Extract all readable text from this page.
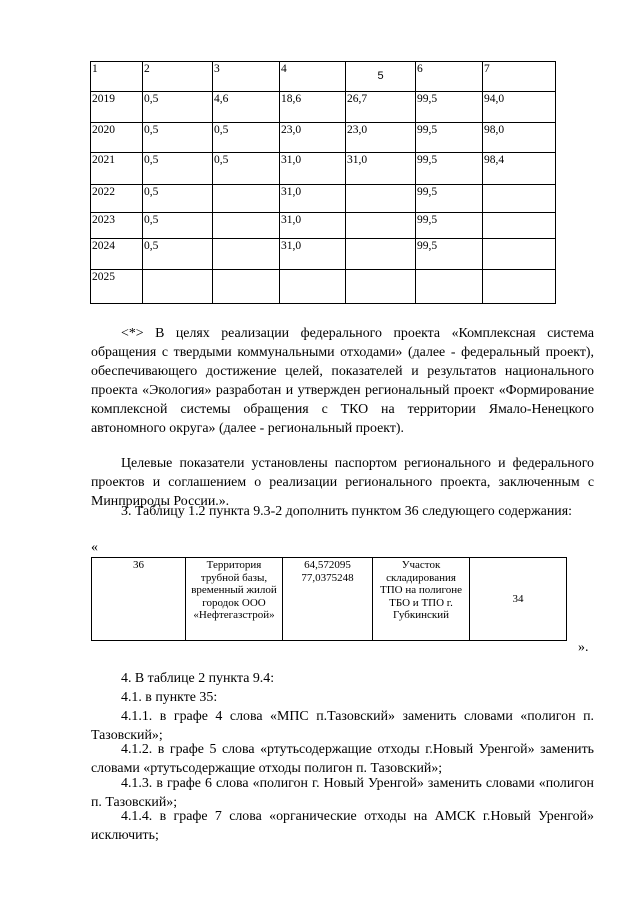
1	2	3	4	5	6	7
2019	0,5	4,6	18,6	26,7	99,5	94,0
2020	0,5	0,5	23,0	23,0	99,5	98,0
2021	0,5	0,5	31,0	31,0	99,5	98,4
2022	0,5		31,0		99,5	
2023	0,5		31,0		99,5	
2024	0,5		31,0		99,5	
2025						
<*> В целях реализации федерального проекта «Комплексная система обращения с твердыми коммунальными отходами» (далее - федеральный проект), обеспечивающего достижение целей, показателей и результатов национального проекта «Экология» разработан и утвержден региональный проект «Формирование комплексной системы обращения с ТКО на территории Ямало-Ненецкого автономного округа» (далее - региональный проект).
Целевые показатели установлены паспортом регионального и федерального проектов и соглашением о реализации регионального проекта, заключенным с Минприроды России.».
3. Таблицу 1.2 пункта 9.3-2 дополнить пунктом 36 следующего содержания:
«
36	Территория трубной базы, временный жилой городок ООО «Нефтегазстрой»	64,572095 77,0375248	Участок складирования ТПО на полигоне ТБО и ТПО г. Губкинский	34
».
4. В таблице 2 пункта 9.4:
4.1. в пункте 35:
4.1.1. в графе 4 слова «МПС п.Тазовский» заменить словами «полигон п. Тазовский»;
4.1.2. в графе 5 слова «ртутьсодержащие отходы г.Новый Уренгой» заменить словами «ртутьсодержащие отходы полигон п. Тазовский»;
4.1.3. в графе 6 слова «полигон г. Новый Уренгой» заменить словами «полигон п. Тазовский»;
4.1.4. в графе 7 слова «органические отходы на АМСК г.Новый Уренгой» исключить;
